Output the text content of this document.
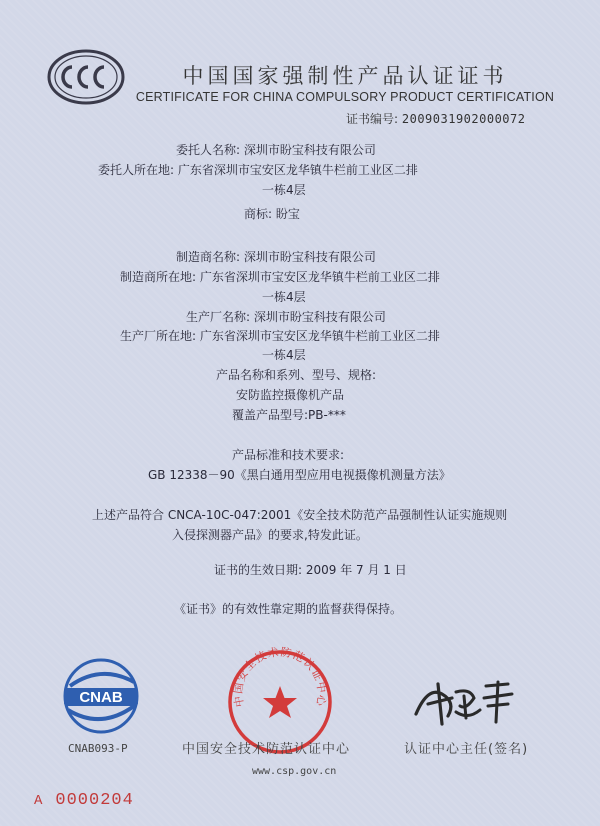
中国国家强制性产品认证证书
CERTIFICATE FOR CHINA COMPULSORY PRODUCT CERTIFICATION
证书编号: 2009031902000072
委托人名称: 深圳市盼宝科技有限公司
委托人所在地: 广东省深圳市宝安区龙华镇牛栏前工业区二排
一栋4层
商标: 盼宝
制造商名称: 深圳市盼宝科技有限公司
制造商所在地: 广东省深圳市宝安区龙华镇牛栏前工业区二排
一栋4层
生产厂名称: 深圳市盼宝科技有限公司
生产厂所在地: 广东省深圳市宝安区龙华镇牛栏前工业区二排
一栋4层
产品名称和系列、型号、规格:
安防监控摄像机产品
覆盖产品型号:PB-***
产品标准和技术要求:
GB 12338－90《黑白通用型应用电视摄像机测量方法》
上述产品符合 CNCA-10C-047:2001《安全技术防范产品强制性认证实施规则
入侵探测器产品》的要求,特发此证。
证书的生效日期: 2009 年 7 月 1 日
《证书》的有效性靠定期的监督获得保持。
CNAB
CNAB093-P
中国安全技术防范认证中心
中国安全技术防范认证中心	认证中心主任(签名)
www.csp.gov.cn
A 0000204
